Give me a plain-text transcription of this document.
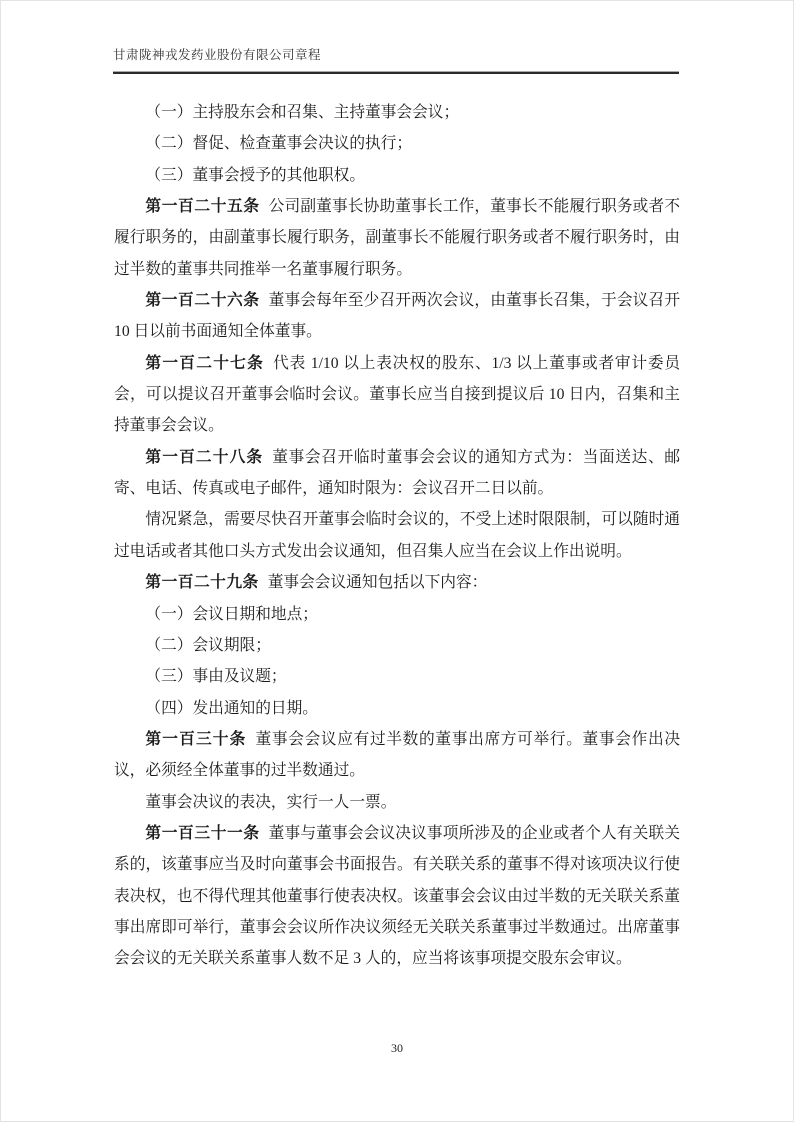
甘肃陇神戎发药业股份有限公司章程

（一）主持股东会和召集、主持董事会会议；

（二）督促、检查董事会决议的执行；

（三）董事会授予的其他职权。

第一百二十五条 公司副董事长协助董事长工作，董事长不能履行职务或者不履行职务的，由副董事长履行职务，副董事长不能履行职务或者不履行职务时，由过半数的董事共同推举一名董事履行职务。

第一百二十六条 董事会每年至少召开两次会议，由董事长召集，于会议召开 10 日以前书面通知全体董事。

第一百二十七条 代表 1/10 以上表决权的股东、1/3 以上董事或者审计委员会，可以提议召开董事会临时会议。董事长应当自接到提议后 10 日内，召集和主持董事会会议。

第一百二十八条 董事会召开临时董事会会议的通知方式为：当面送达、邮寄、电话、传真或电子邮件，通知时限为：会议召开二日以前。

情况紧急，需要尽快召开董事会临时会议的，不受上述时限限制，可以随时通过电话或者其他口头方式发出会议通知，但召集人应当在会议上作出说明。

第一百二十九条 董事会会议通知包括以下内容：

（一）会议日期和地点；

（二）会议期限；

（三）事由及议题；

（四）发出通知的日期。

第一百三十条 董事会会议应有过半数的董事出席方可举行。董事会作出决议，必须经全体董事的过半数通过。

董事会决议的表决，实行一人一票。

第一百三十一条 董事与董事会会议决议事项所涉及的企业或者个人有关联关系的，该董事应当及时向董事会书面报告。有关联关系的董事不得对该项决议行使表决权，也不得代理其他董事行使表决权。该董事会会议由过半数的无关联关系董事出席即可举行，董事会会议所作决议须经无关联关系董事过半数通过。出席董事会会议的无关联关系董事人数不足 3 人的，应当将该事项提交股东会审议。

30
